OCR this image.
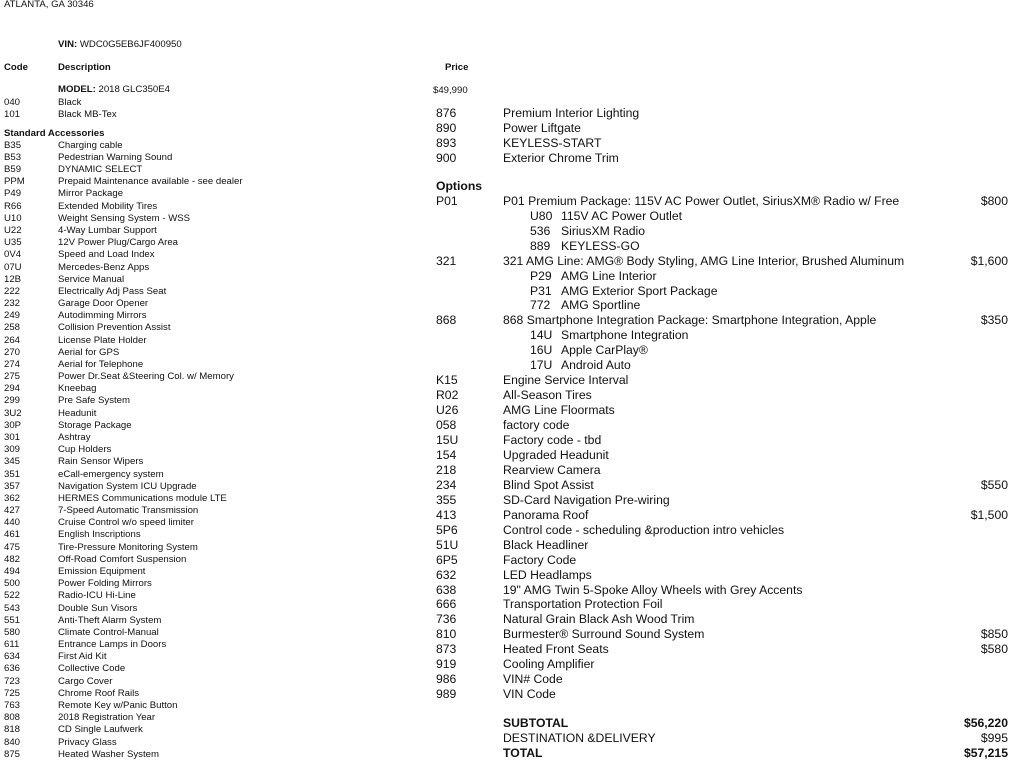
ATLANTA, GA 30346
VIN: WDC0G5EB6JF400950
Code	Description	Price
MODEL: 2018 GLC350E4	$49,990
040	Black
101	Black MB-Tex
Standard Accessories
B35	Charging cable
B53	Pedestrian Warning Sound
B59	DYNAMIC SELECT
PPM	Prepaid Maintenance available - see dealer
P49	Mirror Package
R66	Extended Mobility Tires
U10	Weight Sensing System - WSS
U22	4-Way Lumbar Support
U35	12V Power Plug/Cargo Area
0V4	Speed and Load Index
07U	Mercedes-Benz Apps
12B	Service Manual
222	Electrically Adj Pass Seat
232	Garage Door Opener
249	Autodimming Mirrors
258	Collision Prevention Assist
264	License Plate Holder
270	Aerial for GPS
274	Aerial for Telephone
275	Power Dr.Seat &Steering Col. w/ Memory
294	Kneebag
299	Pre Safe System
3U2	Headunit
30P	Storage Package
301	Ashtray
309	Cup Holders
345	Rain Sensor Wipers
351	eCall-emergency system
357	Navigation System ICU Upgrade
362	HERMES Communications module LTE
427	7-Speed Automatic Transmission
440	Cruise Control w/o speed limiter
461	English Inscriptions
475	Tire-Pressure Monitoring System
482	Off-Road Comfort Suspension
494	Emission Equipment
500	Power Folding Mirrors
522	Radio-ICU Hi-Line
543	Double Sun Visors
551	Anti-Theft Alarm System
580	Climate Control-Manual
611	Entrance Lamps in Doors
634	First Aid Kit
636	Collective Code
723	Cargo Cover
725	Chrome Roof Rails
763	Remote Key w/Panic Button
808	2018 Registration Year
818	CD Single Laufwerk
840	Privacy Glass
875	Heated Washer System
876	Premium Interior Lighting
890	Power Liftgate
893	KEYLESS-START
900	Exterior Chrome Trim
Options
P01	P01 Premium Package: 115V AC Power Outlet, SiriusXM® Radio w/ Free	$800
U80 115V AC Power Outlet
536 SiriusXM Radio
889 KEYLESS-GO
321	321 AMG Line: AMG® Body Styling, AMG Line Interior, Brushed Aluminum	$1,600
P29 AMG Line Interior
P31 AMG Exterior Sport Package
772 AMG Sportline
868	868 Smartphone Integration Package: Smartphone Integration, Apple	$350
14U Smartphone Integration
16U Apple CarPlay®
17U Android Auto
K15	Engine Service Interval
R02	All-Season Tires
U26	AMG Line Floormats
058	factory code
15U	Factory code - tbd
154	Upgraded Headunit
218	Rearview Camera
234	Blind Spot Assist	$550
355	SD-Card Navigation Pre-wiring
413	Panorama Roof	$1,500
5P6	Control code - scheduling &production intro vehicles
51U	Black Headliner
6P5	Factory Code
632	LED Headlamps
638	19" AMG Twin 5-Spoke Alloy Wheels with Grey Accents
666	Transportation Protection Foil
736	Natural Grain Black Ash Wood Trim
810	Burmester® Surround Sound System	$850
873	Heated Front Seats	$580
919	Cooling Amplifier
986	VIN# Code
989	VIN Code
SUBTOTAL	$56,220
DESTINATION &DELIVERY	$995
TOTAL	$57,215
